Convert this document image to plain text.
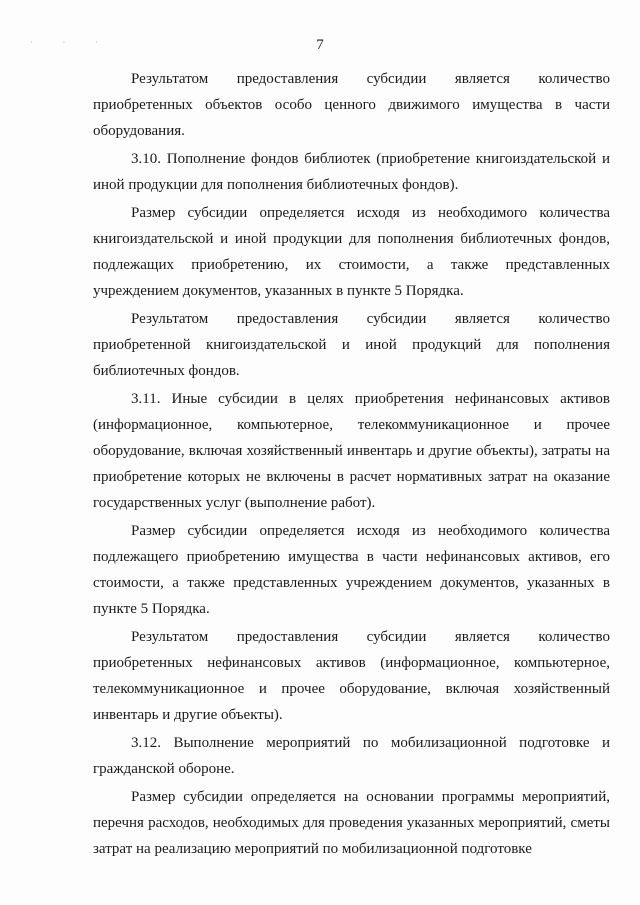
· · ·	7

Результатом предоставления субсидии является количество приобретенных объектов особо ценного движимого имущества в части оборудования.

3.10. Пополнение фондов библиотек (приобретение книгоиздательской и иной продукции для пополнения библиотечных фондов).

Размер субсидии определяется исходя из необходимого количества книгоиздательской и иной продукции для пополнения библиотечных фондов, подлежащих приобретению, их стоимости, а также представленных учреждением документов, указанных в пункте 5 Порядка.

Результатом предоставления субсидии является количество приобретенной книгоиздательской и иной продукций для пополнения библиотечных фондов.

3.11. Иные субсидии в целях приобретения нефинансовых активов (информационное, компьютерное, телекоммуникационное и прочее оборудование, включая хозяйственный инвентарь и другие объекты), затраты на приобретение которых не включены в расчет нормативных затрат на оказание государственных услуг (выполнение работ).

Размер субсидии определяется исходя из необходимого количества подлежащего приобретению имущества в части нефинансовых активов, его стоимости, а также представленных учреждением документов, указанных в пункте 5 Порядка.

Результатом предоставления субсидии является количество приобретенных нефинансовых активов (информационное, компьютерное, телекоммуникационное и прочее оборудование, включая хозяйственный инвентарь и другие объекты).

3.12. Выполнение мероприятий по мобилизационной подготовке и гражданской обороне.

Размер субсидии определяется на основании программы мероприятий, перечня расходов, необходимых для проведения указанных мероприятий, сметы затрат на реализацию мероприятий по мобилизационной подготовке
